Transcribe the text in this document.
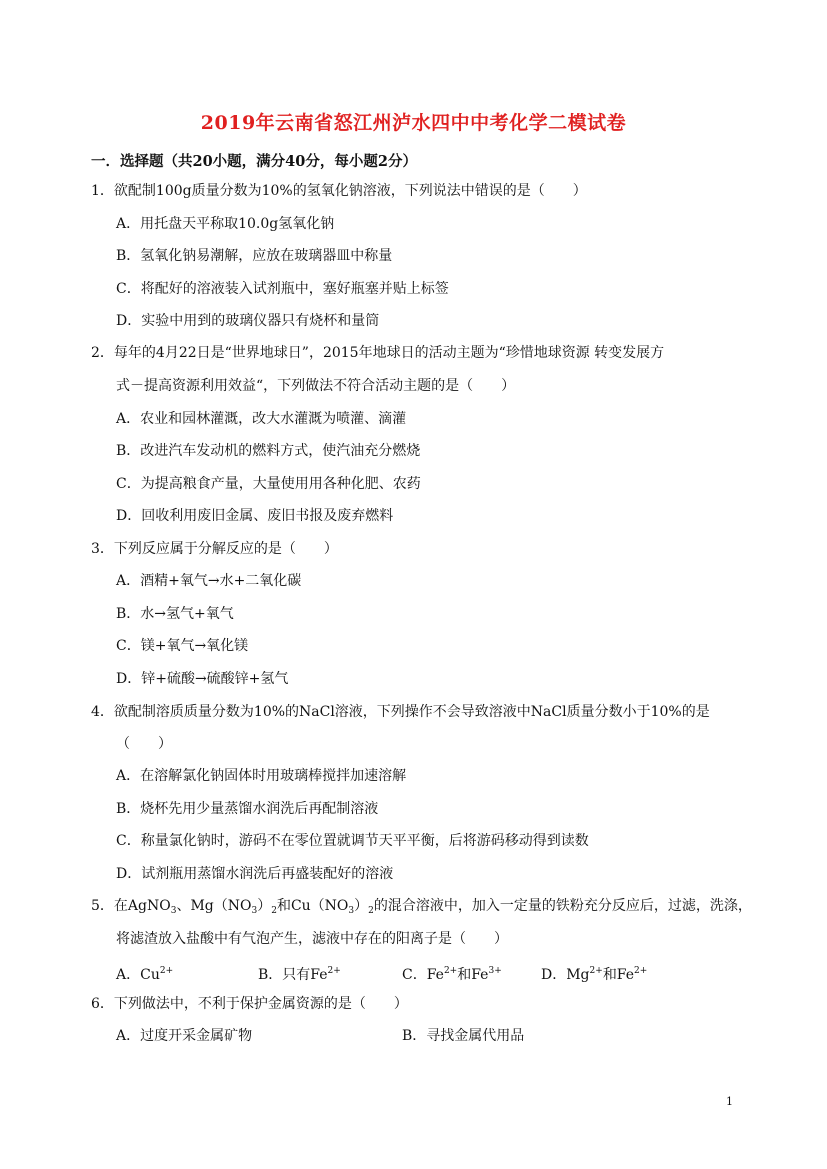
2019年云南省怒江州泸水四中中考化学二模试卷
一．选择题（共20小题，满分40分，每小题2分）
1．欲配制100g质量分数为10%的氢氧化钠溶液，下列说法中错误的是（　　）
A．用托盘天平称取10.0g氢氧化钠
B．氢氧化钠易潮解，应放在玻璃器皿中称量
C．将配好的溶液装入试剂瓶中，塞好瓶塞并贴上标签
D．实验中用到的玻璃仪器只有烧杯和量筒
2．每年的4月22日是“世界地球日”，2015年地球日的活动主题为“珍惜地球资源 转变发展方
式－提高资源利用效益“，下列做法不符合活动主题的是（　　）
A．农业和园林灌溉，改大水灌溉为喷灌、滴灌
B．改进汽车发动机的燃料方式，使汽油充分燃烧
C．为提高粮食产量，大量使用用各种化肥、农药
D．回收利用废旧金属、废旧书报及废弃燃料
3．下列反应属于分解反应的是（　　）
A．酒精+氧气→水+二氧化碳
B．水→氢气+氧气
C．镁+氧气→氧化镁
D．锌+硫酸→硫酸锌+氢气
4．欲配制溶质质量分数为10%的NaCl溶液，下列操作不会导致溶液中NaCl质量分数小于10%的是
（　　）
A．在溶解氯化钠固体时用玻璃棒搅拌加速溶解
B．烧杯先用少量蒸馏水润洗后再配制溶液
C．称量氯化钠时，游码不在零位置就调节天平平衡，后将游码移动得到读数
D．试剂瓶用蒸馏水润洗后再盛装配好的溶液
5．在AgNO$_3$、$Mg(NO_3)_2$和$Cu(NO_3)_2$的混合溶液中，加入一定量的铁粉充分反应后，过滤，洗涤，
将滤渣放入盐酸中有气泡产生，滤液中存在的阳离子是（　　）
A．$Cu^{2+}$	B．只有$Fe^{2+}$	C．$Fe^{2+}$和$Fe^{3+}$	D．$Mg^{2+}$和$Fe^{2+}$
6．下列做法中，不利于保护金属资源的是（　　）
A．过度开采金属矿物	B．寻找金属代用品
1
